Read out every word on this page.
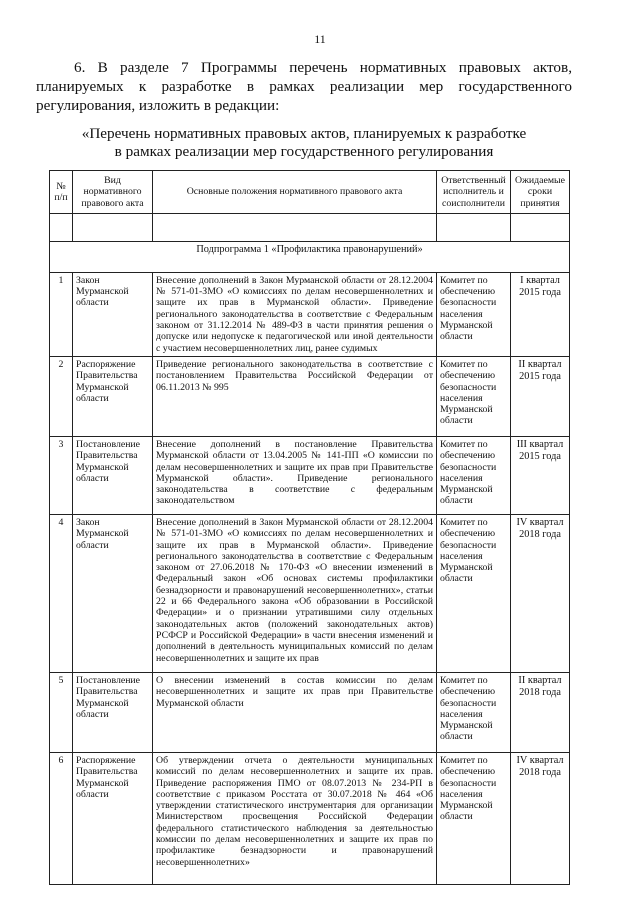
11
6. В разделе 7 Программы перечень нормативных правовых актов, планируемых к разработке в рамках реализации мер государственного
регулирования, изложить в редакции:
«Перечень нормативных правовых актов, планируемых к разработке
в рамках реализации мер государственного регулирования
№ п/п	Вид нормативного правового акта	Основные положения нормативного правового акта	Ответственный исполнитель и соисполнители	Ожидаемые сроки принятия

Подпрограмма 1 «Профилактика правонарушений»				
1	Закон Мурманской области	Внесение дополнений в Закон Мурманской области от 28.12.2004 № 571-01-ЗМО «О комиссиях по делам несовершеннолетних и защите их прав в Мурманской области». Приведение регионального законодательства в соответствие с Федеральным законом от 31.12.2014 № 489-ФЗ в части принятия решения о допуске или недопуске к педагогической или иной деятельности с участием несовершеннолетних лиц, ранее судимых	Комитет по обеспечению безопасности населения Мурманской области	I квартал 2015 года
2	Распоряжение Правительства Мурманской области	Приведение регионального законодательства в соответствие с постановлением Правительства Российской Федерации от 06.11.2013 № 995	Комитет по обеспечению безопасности населения Мурманской области	II квартал 2015 года
3	Постановление Правительства Мурманской области	Внесение дополнений в постановление Правительства Мурманской области от 13.04.2005 № 141-ПП «О комиссии по делам несовершеннолетних и защите их прав при Правительстве Мурманской области». Приведение регионального законодательства в соответствие с федеральным законодательством	Комитет по обеспечению безопасности населения Мурманской области	III квартал 2015 года
4	Закон Мурманской области	Внесение дополнений в Закон Мурманской области от 28.12.2004 № 571-01-ЗМО «О комиссиях по делам несовершеннолетних и защите их прав в Мурманской области». Приведение регионального законодательства в соответствие с Федеральным законом от 27.06.2018 № 170-ФЗ «О внесении изменений в Федеральный закон «Об основах системы профилактики безнадзорности и правонарушений несовершеннолетних», статьи 22 и 66 Федерального закона «Об образовании в Российской Федерации» и о признании утратившими силу отдельных законодательных актов (положений законодательных актов) РСФСР и Российской Федерации» в части внесения изменений и дополнений в деятельность муниципальных комиссий по делам несовершеннолетних и защите их прав	Комитет по обеспечению безопасности населения Мурманской области	IV квартал 2018 года
5	Постановление Правительства Мурманской области	О внесении изменений в состав комиссии по делам несовершеннолетних и защите их прав при Правительстве Мурманской области	Комитет по обеспечению безопасности населения Мурманской области	II квартал 2018 года
6	Распоряжение Правительства Мурманской области	Об утверждении отчета о деятельности муниципальных комиссий по делам несовершеннолетних и защите их прав. Приведение распоряжения ПМО от 08.07.2013 № 234-РП в соответствие с приказом Росстата от 30.07.2018 № 464 «Об утверждении статистического инструментария для организации Министерством просвещения Российской Федерации федерального статистического наблюдения за деятельностью комиссии по делам несовершеннолетних и защите их прав по профилактике безнадзорности и правонарушений несовершеннолетних»	Комитет по обеспечению безопасности населения Мурманской области	IV квартал 2018 года
